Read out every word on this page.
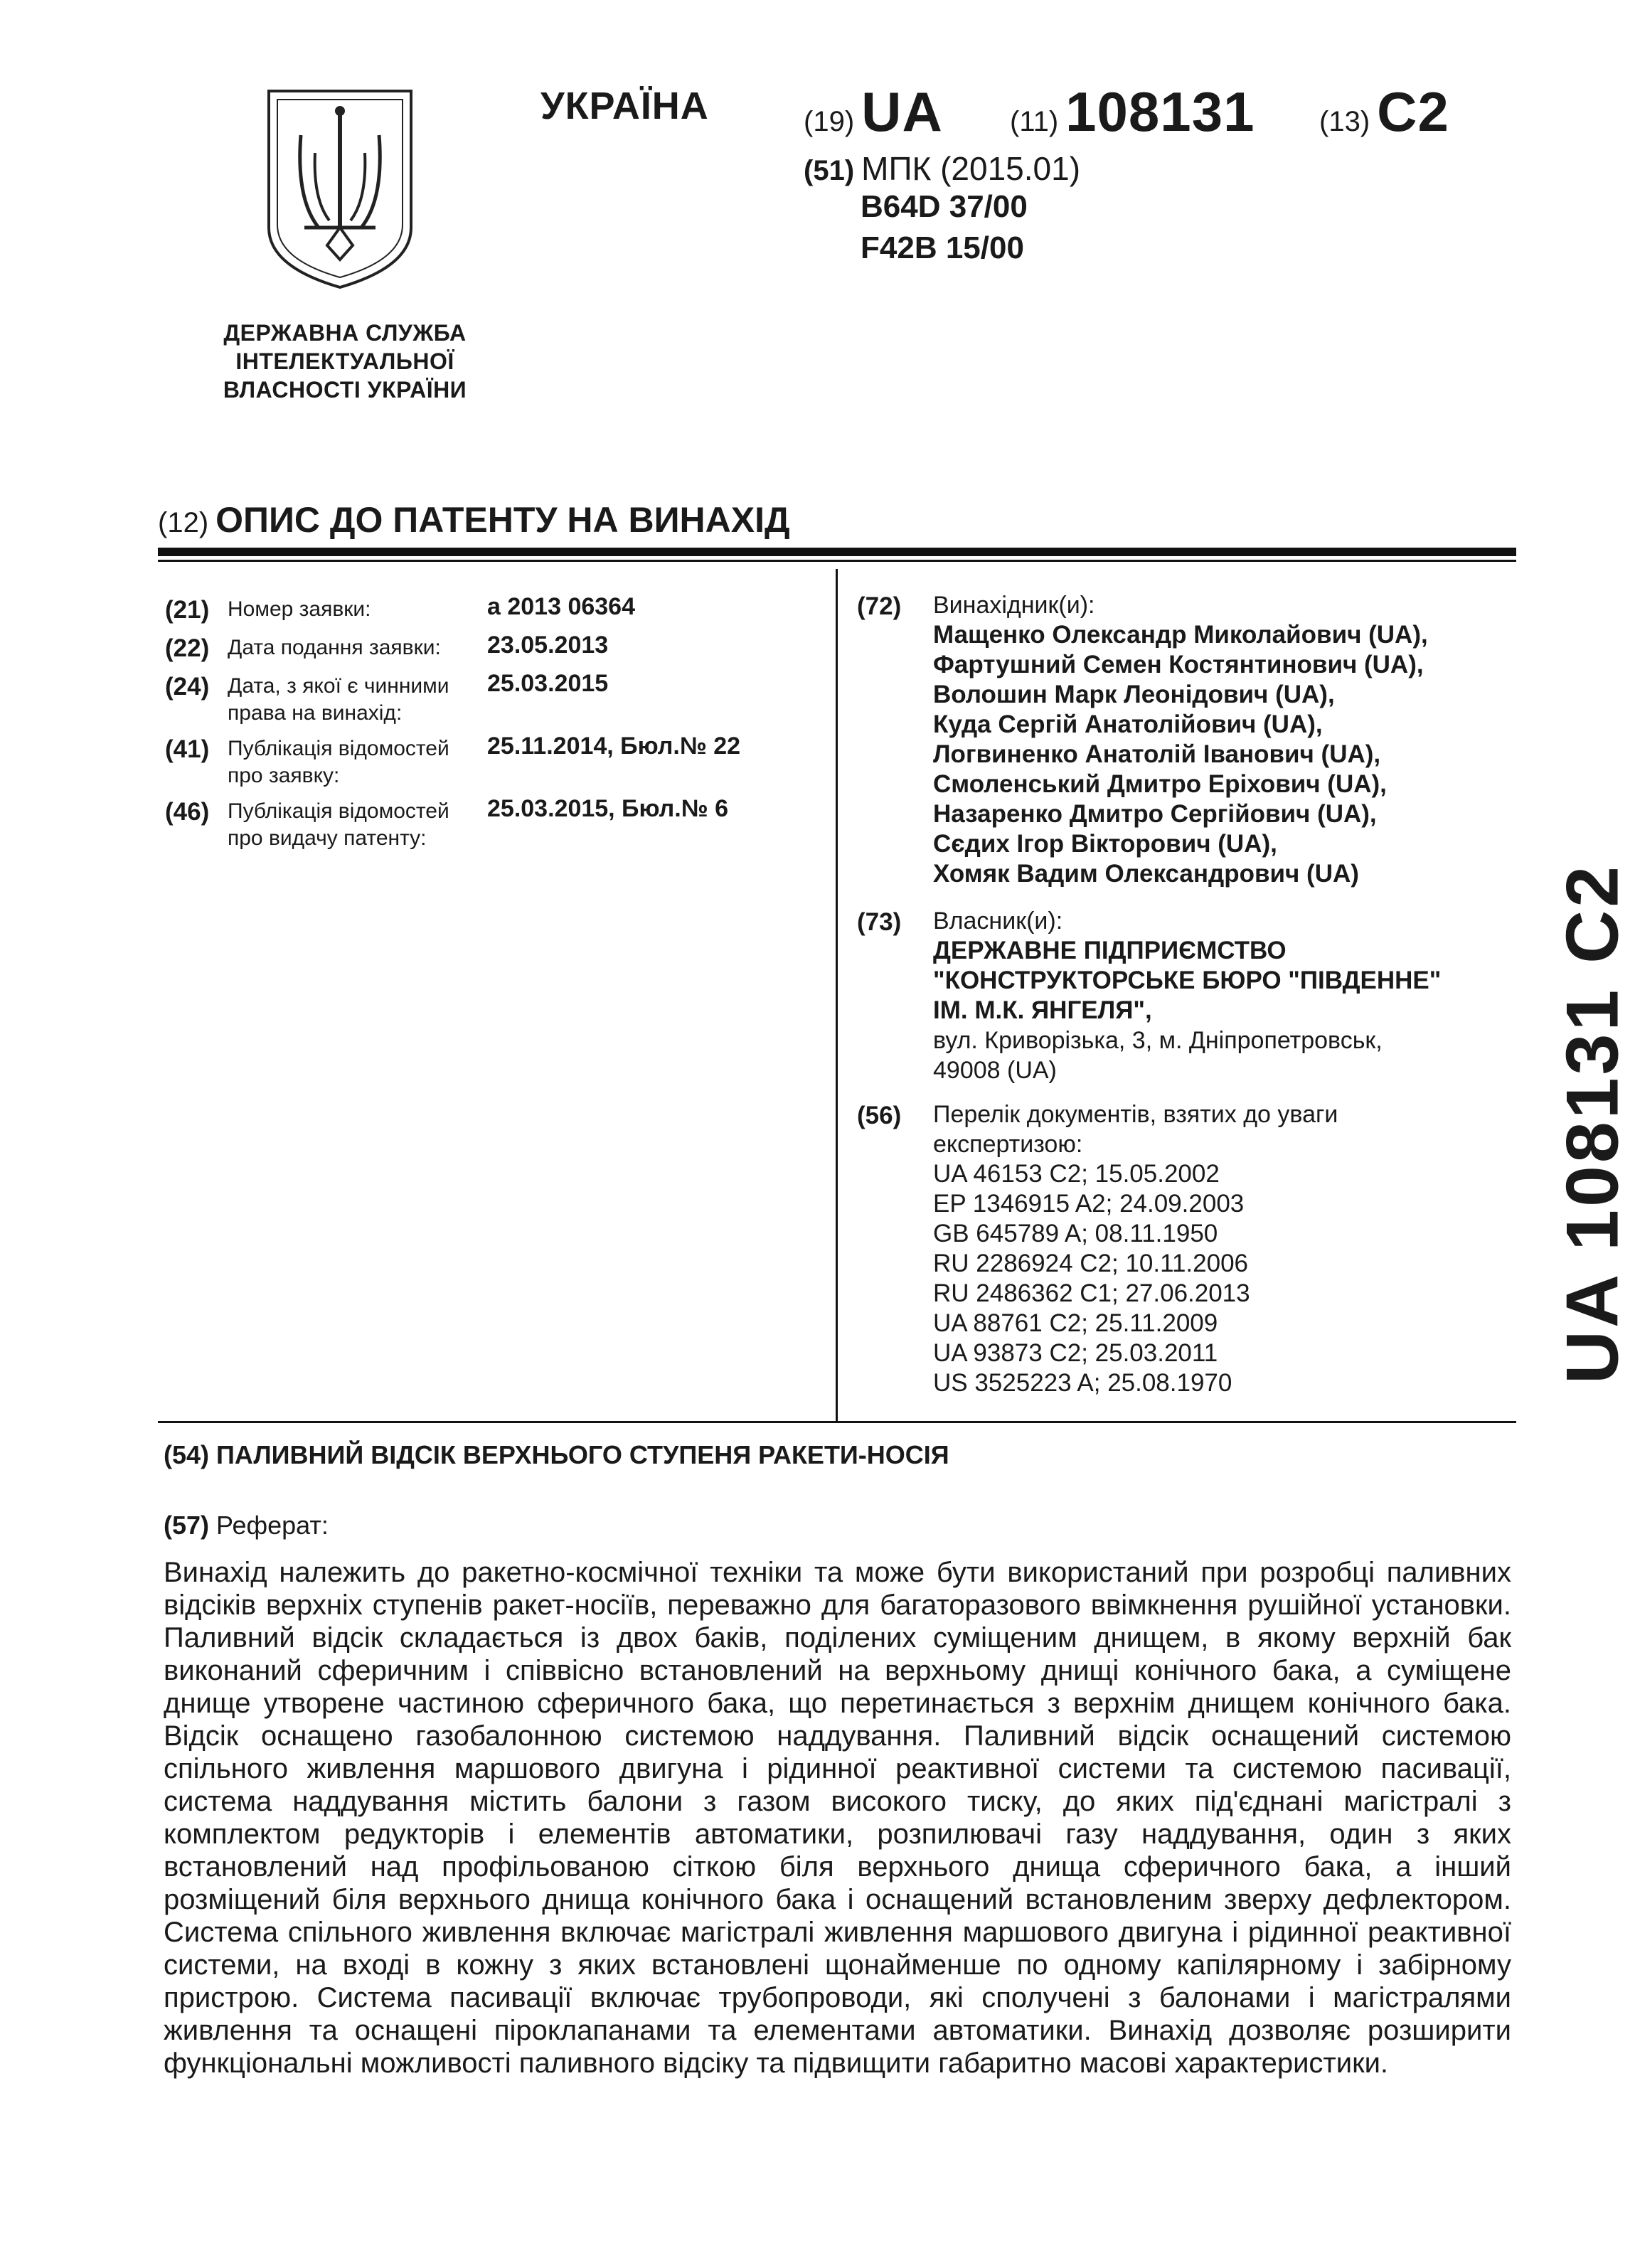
ДЕРЖАВНА СЛУЖБА ІНТЕЛЕКТУАЛЬНОЇ ВЛАСНОСТІ УКРАЇНИ
УКРАЇНА	(19) UA (11) 108131 (13) C2
(51) МПК (2015.01)
B64D 37/00
F42B 15/00
(12) ОПИС ДО ПАТЕНТУ НА ВИНАХІД
(21) Номер заявки:	a 2013 06364
(22) Дата подання заявки:	23.05.2013
(24) Дата, з якої є чинними права на винахід:
25.03.2015
(41) Публікація відомостей про заявку:
25.11.2014, Бюл.№ 22
(46) Публікація відомостей про видачу патенту:
25.03.2015, Бюл.№ 6
(72) Винахідник(и):
Мащенко Олександр Миколайович (UA),
Фартушний Семен Костянтинович (UA),
Волошин Марк Леонідович (UA),
Куда Сергій Анатолійович (UA),
Логвиненко Анатолій Іванович (UA),
Смоленський Дмитро Еріхович (UA),
Назаренко Дмитро Сергійович (UA),
Сєдих Ігор Вікторович (UA),
Хомяк Вадим Олександрович (UA)
(73) Власник(и):
ДЕРЖАВНЕ ПІДПРИЄМСТВО
"КОНСТРУКТОРСЬКЕ БЮРО "ПІВДЕННЕ"
ІМ. М.К. ЯНГЕЛЯ",
вул. Криворізька, 3, м. Дніпропетровськ,
49008 (UA)
(56) Перелік документів, взятих до уваги
експертизою:
UA 46153 C2; 15.05.2002
EP 1346915 A2; 24.09.2003
GB 645789 A; 08.11.1950
RU 2286924 C2; 10.11.2006
RU 2486362 C1; 27.06.2013
UA 88761 C2; 25.11.2009
UA 93873 C2; 25.03.2011
US 3525223 A; 25.08.1970
(54) ПАЛИВНИЙ ВІДСІК ВЕРХНЬОГО СТУПЕНЯ РАКЕТИ-НОСІЯ
(57) Реферат:
Винахід належить до ракетно-космічної техніки та може бути використаний при розробці паливних відсіків верхніх ступенів ракет-носіїв, переважно для багаторазового ввімкнення рушійної установки. Паливний відсік складається із двох баків, поділених суміщеним днищем, в якому верхній бак виконаний сферичним і співвісно встановлений на верхньому днищі конічного бака, а суміщене днище утворене частиною сферичного бака, що перетинається з верхнім днищем конічного бака. Відсік оснащено газобалонною системою наддування. Паливний відсік оснащений системою спільного живлення маршового двигуна і рідинної реактивної системи та системою пасивації, система наддування містить балони з газом високого тиску, до яких під'єднані магістралі з комплектом редукторів і елементів автоматики, розпилювачі газу наддування, один з яких встановлений над профільованою сіткою біля верхнього днища сферичного бака, а інший розміщений біля верхнього днища конічного бака і оснащений встановленим зверху дефлектором. Система спільного живлення включає магістралі живлення маршового двигуна і рідинної реактивної системи, на вході в кожну з яких встановлені щонайменше по одному капілярному і забірному пристрою. Система пасивації включає трубопроводи, які сполучені з балонами і магістралями живлення та оснащені піроклапанами та елементами автоматики. Винахід дозволяє розширити функціональні можливості паливного відсіку та підвищити габаритно масові характеристики.
UA 108131 C2
